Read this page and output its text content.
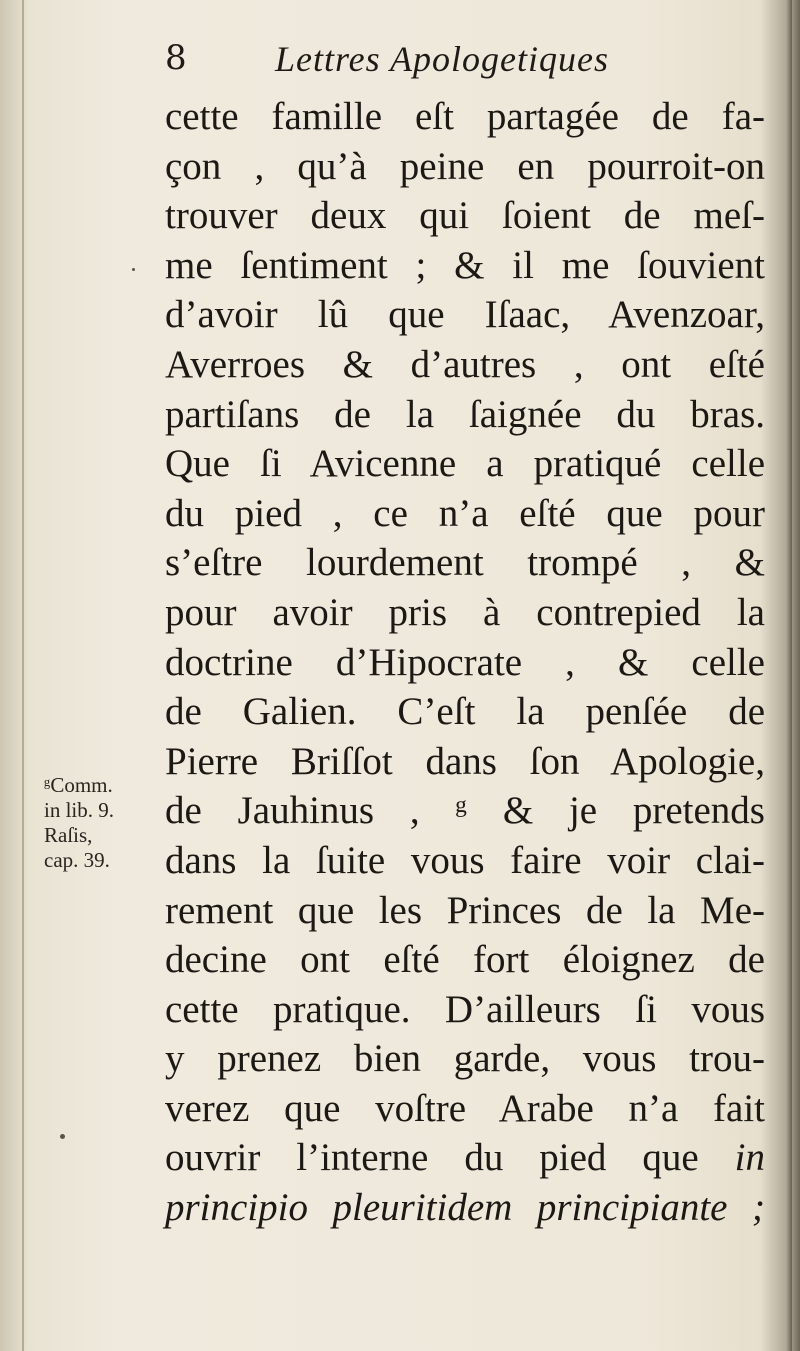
8 Lettres Apologetiques
cette famille eſt partagée de fa-
çon , qu’à peine en pourroit-on
trouver deux qui ſoient de meſ-
me ſentiment ; & il me ſouvient
d’avoir lû que Iſaac, Avenzoar,
Averroes & d’autres , ont eſté
partiſans de la ſaignée du bras.
Que ſi Avicenne a pratiqué celle
du pied , ce n’a eſté que pour
s’eſtre lourdement trompé , &
pour avoir pris à contrepied la
doctrine d’Hipocrate , & celle
de Galien. C’eſt la penſée de
Pierre Briſſot dans ſon Apologie,
de Jauhinus , ᵍ & je pretends
dans la ſuite vous faire voir clai-
rement que les Princes de la Me-
decine ont eſté fort éloignez de
cette pratique. D’ailleurs ſi vous
y prenez bien garde, vous trou-
verez que voſtre Arabe n’a fait
ouvrir l’interne du pied que in
principio pleuritidem principiante ;
ᵍComm.
in lib. 9.
Raſis,
cap. 39.
